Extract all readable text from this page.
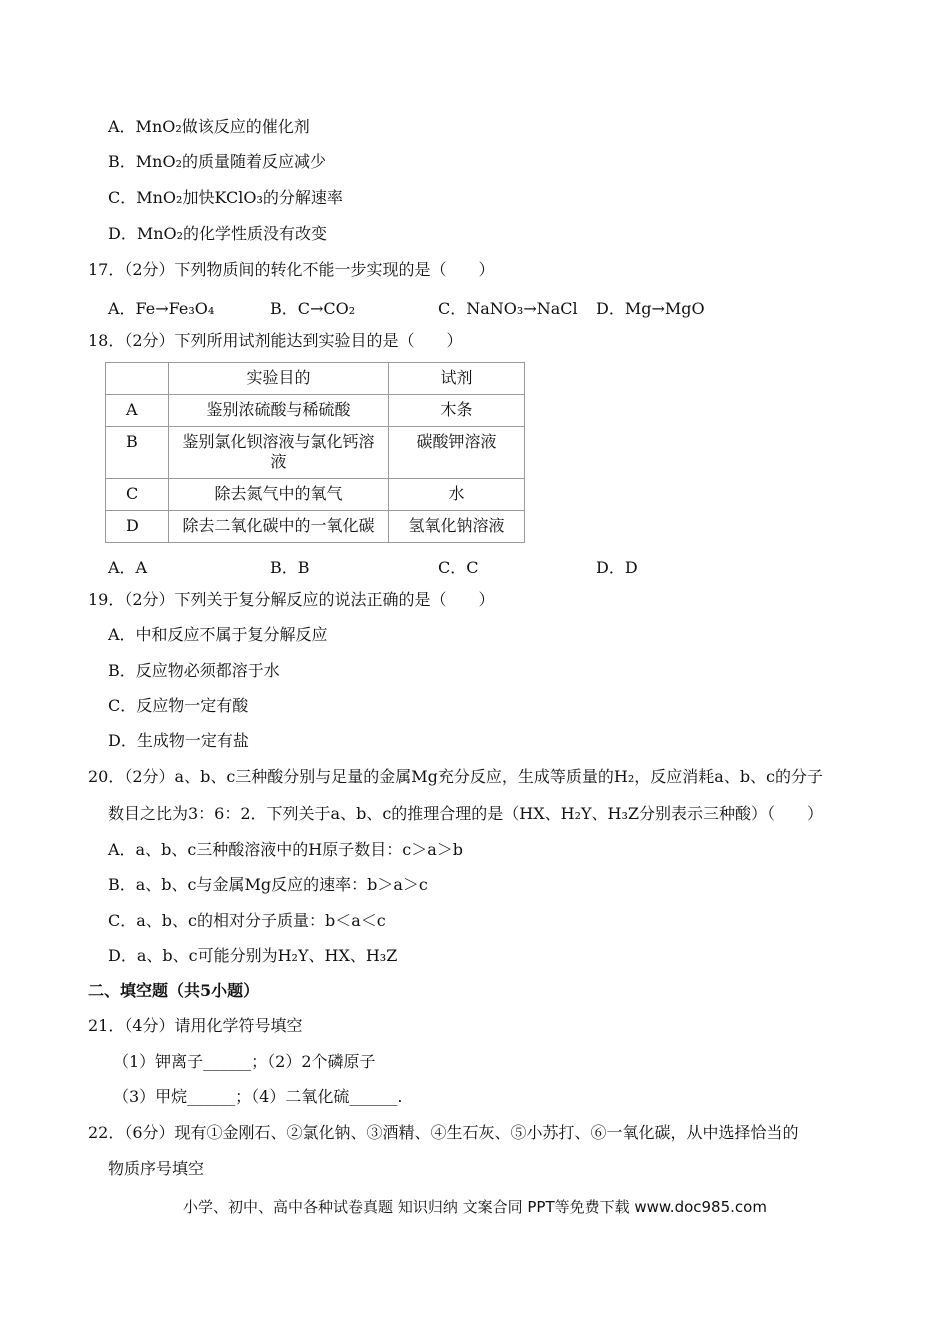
A．MnO₂做该反应的催化剂
B．MnO₂的质量随着反应减少
C．MnO₂加快KClO₃的分解速率
D．MnO₂的化学性质没有改变
17．（2分）下列物质间的转化不能一步实现的是（　　）
A．Fe→Fe₃O₄	B．C→CO₂	C．NaNO₃→NaCl D．Mg→MgO
18．（2分）下列所用试剂能达到实验目的是（　　）
	实验目的	试剂
A	鉴别浓硫酸与稀硫酸	木条
B	鉴别氯化钡溶液与氯化钙溶液	碳酸钾溶液
C	除去氮气中的氧气	水
D	除去二氧化碳中的一氧化碳	氢氧化钠溶液
A．A	B．B	C．C	D．D
19．（2分）下列关于复分解反应的说法正确的是（　　）
A．中和反应不属于复分解反应
B．反应物必须都溶于水
C．反应物一定有酸
D．生成物一定有盐
20．（2分）a、b、c三种酸分别与足量的金属Mg充分反应，生成等质量的H₂，反应消耗a、b、c的分子
数目之比为3：6：2．下列关于a、b、c的推理合理的是（HX、H₂Y、H₃Z分别表示三种酸）（　　）
A．a、b、c三种酸溶液中的H原子数目：c＞a＞b
B．a、b、c与金属Mg反应的速率：b＞a＞c
C．a、b、c的相对分子质量：b＜a＜c
D．a、b、c可能分别为H₂Y、HX、H₃Z
二、填空题（共5小题）
21．（4分）请用化学符号填空
（1）钾离子______；（2）2个磷原子
（3）甲烷______；（4）二氧化硫______.
22．（6分）现有①金刚石、②氯化钠、③酒精、④生石灰、⑤小苏打、⑥一氧化碳，从中选择恰当的
物质序号填空
小学、初中、高中各种试卷真题 知识归纳 文案合同 PPT等免费下载 www.doc985.com
